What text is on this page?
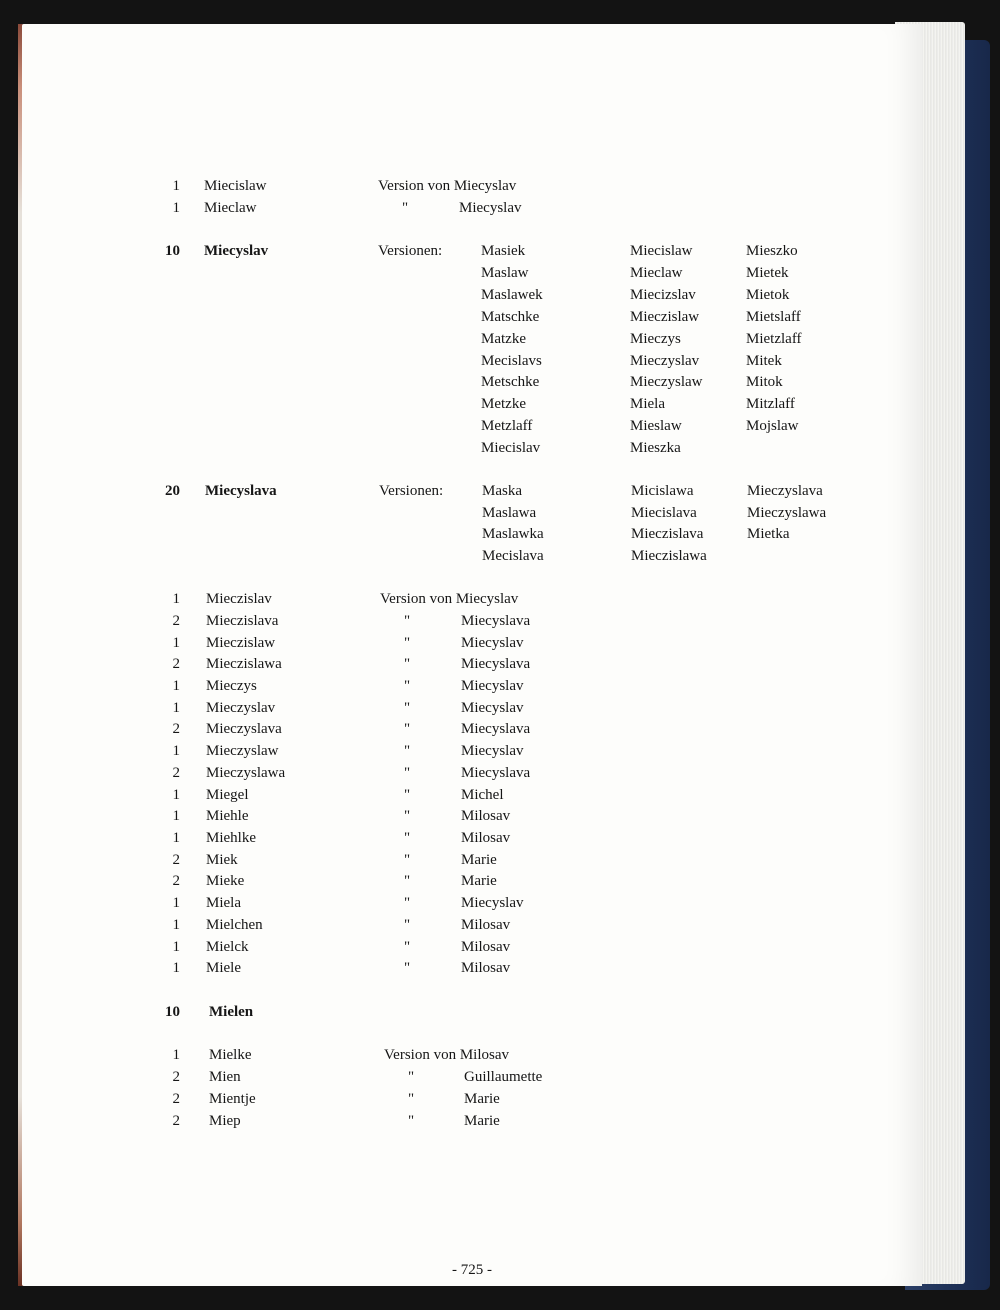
1 Miecislaw	Version von Miecyslav
1 Mieclaw	"	Miecyslav
10 Miecyslav	Versionen:	Masiek	Miecislaw	Mieszko
Maslaw	Mieclaw	Mietek
Maslawek	Miecizslav	Mietok
Matschke	Mieczislaw	Mietslaff
Matzke	Mieczys	Mietzlaff
Mecislavs	Mieczyslav	Mitek
Metschke	Mieczyslaw	Mitok
Metzke	Miela	Mitzlaff
Metzlaff	Mieslaw	Mojslaw
Miecislav	Mieszka
20 Miecyslava	Versionen:	Maska	Micislawa	Mieczyslava
Maslawa	Miecislava	Mieczyslawa
Maslawka	Mieczislava	Mietka
Mecislava	Mieczislawa
1 Mieczislav	Version von Miecyslav
2 Mieczislava	"	Miecyslava
1 Mieczislaw	"	Miecyslav
2 Mieczislawa	"	Miecyslava
1 Mieczys	"	Miecyslav
1 Mieczyslav	"	Miecyslav
2 Mieczyslava	"	Miecyslava
1 Mieczyslaw	"	Miecyslav
2 Mieczyslawa	"	Miecyslava
1 Miegel	"	Michel
1 Miehle	"	Milosav
1 Miehlke	"	Milosav
2 Miek	"	Marie
2 Mieke	"	Marie
1 Miela	"	Miecyslav
1 Mielchen	"	Milosav
1 Mielck	"	Milosav
1 Miele	"	Milosav
10 Mielen
1 Mielke	Version von Milosav
2 Mien	"	Guillaumette
2 Mientje	"	Marie
2 Miep	"	Marie
- 725 -
